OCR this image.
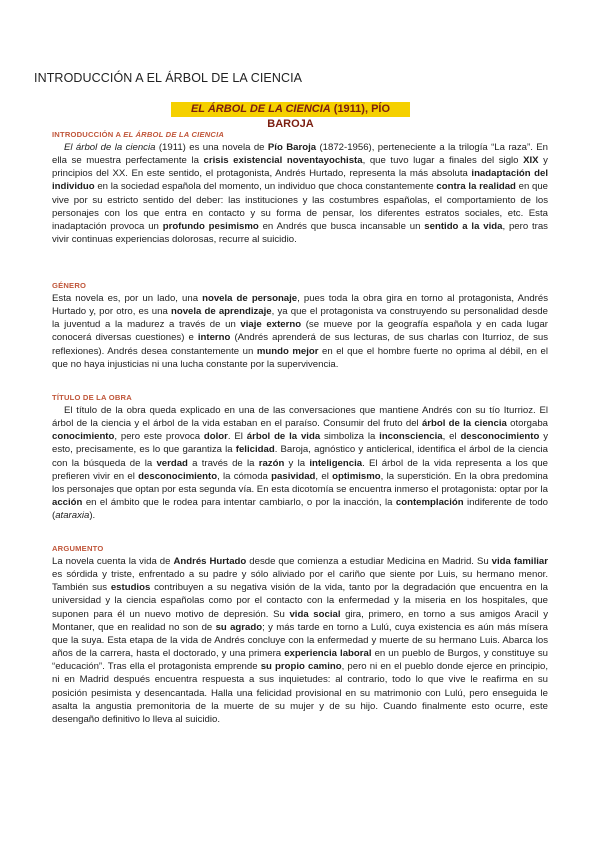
INTRODUCCIÓN A EL ÁRBOL DE LA CIENCIA
EL ÁRBOL DE LA CIENCIA (1911), PÍO BAROJA
INTRODUCCIÓN A EL ÁRBOL DE LA CIENCIA

El árbol de la ciencia (1911) es una novela de Pío Baroja (1872-1956), perteneciente a la trilogía “La raza”. En ella se muestra perfectamente la crisis existencial noventayochista, que tuvo lugar a finales del siglo XIX y principios del XX. En este sentido, el protagonista, Andrés Hurtado, representa la más absoluta inadaptación del individuo en la sociedad española del momento, un individuo que choca constantemente contra la realidad en que vive por su estricto sentido del deber: las instituciones y las costumbres españolas, el comportamiento de los personajes con los que entra en contacto y su forma de pensar, los diferentes estratos sociales, etc. Esta inadaptación provoca un profundo pesimismo en Andrés que busca incansable un sentido a la vida, pero tras vivir continuas experiencias dolorosas, recurre al suicidio.

GÉNERO

Esta novela es, por un lado, una novela de personaje, pues toda la obra gira en torno al protagonista, Andrés Hurtado y, por otro, es una novela de aprendizaje, ya que el protagonista va construyendo su personalidad desde la juventud a la madurez a través de un viaje externo (se mueve por la geografía española y en cada lugar conocerá diversas cuestiones) e interno (Andrés aprenderá de sus lecturas, de sus charlas con Iturrioz, de sus reflexiones). Andrés desea constantemente un mundo mejor en el que el hombre fuerte no oprima al débil, en el que no haya injusticias ni una lucha constante por la supervivencia.

TÍTULO DE LA OBRA

El título de la obra queda explicado en una de las conversaciones que mantiene Andrés con su tío Iturrioz. El árbol de la ciencia y el árbol de la vida estaban en el paraíso. Consumir del fruto del árbol de la ciencia otorgaba conocimiento, pero este provoca dolor. El árbol de la vida simboliza la inconsciencia, el desconocimiento y esto, precisamente, es lo que garantiza la felicidad. Baroja, agnóstico y anticlerical, identifica el árbol de la ciencia con la búsqueda de la verdad a través de la razón y la inteligencia. El árbol de la vida representa a los que prefieren vivir en el desconocimiento, la cómoda pasividad, el optimismo, la superstición. En la obra predomina los personajes que optan por esta segunda vía. En esta dicotomía se encuentra inmerso el protagonista: optar por la acción en el ámbito que le rodea para intentar cambiarlo, o por la inacción, la contemplación indiferente de todo (ataraxia).

ARGUMENTO

La novela cuenta la vida de Andrés Hurtado desde que comienza a estudiar Medicina en Madrid. Su vida familiar es sórdida y triste, enfrentado a su padre y sólo aliviado por el cariño que siente por Luis, su hermano menor. También sus estudios contribuyen a su negativa visión de la vida, tanto por la degradación que encuentra en la universidad y la ciencia españolas como por el contacto con la enfermedad y la miseria en los hospitales, que suponen para él un nuevo motivo de depresión. Su vida social gira, primero, en torno a sus amigos Aracil y Montaner, que en realidad no son de su agrado; y más tarde en torno a Lulú, cuya existencia es aún más mísera que la suya. Esta etapa de la vida de Andrés concluye con la enfermedad y muerte de su hermano Luis. Abarca los años de la carrera, hasta el doctorado, y una primera experiencia laboral en un pueblo de Burgos, y constituye su “educación”. Tras ella el protagonista emprende su propio camino, pero ni en el pueblo donde ejerce en principio, ni en Madrid después encuentra respuesta a sus inquietudes: al contrario, todo lo que vive le reafirma en su posición pesimista y desencantada. Halla una felicidad provisional en su matrimonio con Lulú, pero enseguida le asalta la angustia premonitoria de la muerte de su mujer y de su hijo. Cuando finalmente esto ocurre, este desengaño definitivo lo lleva al suicidio.
